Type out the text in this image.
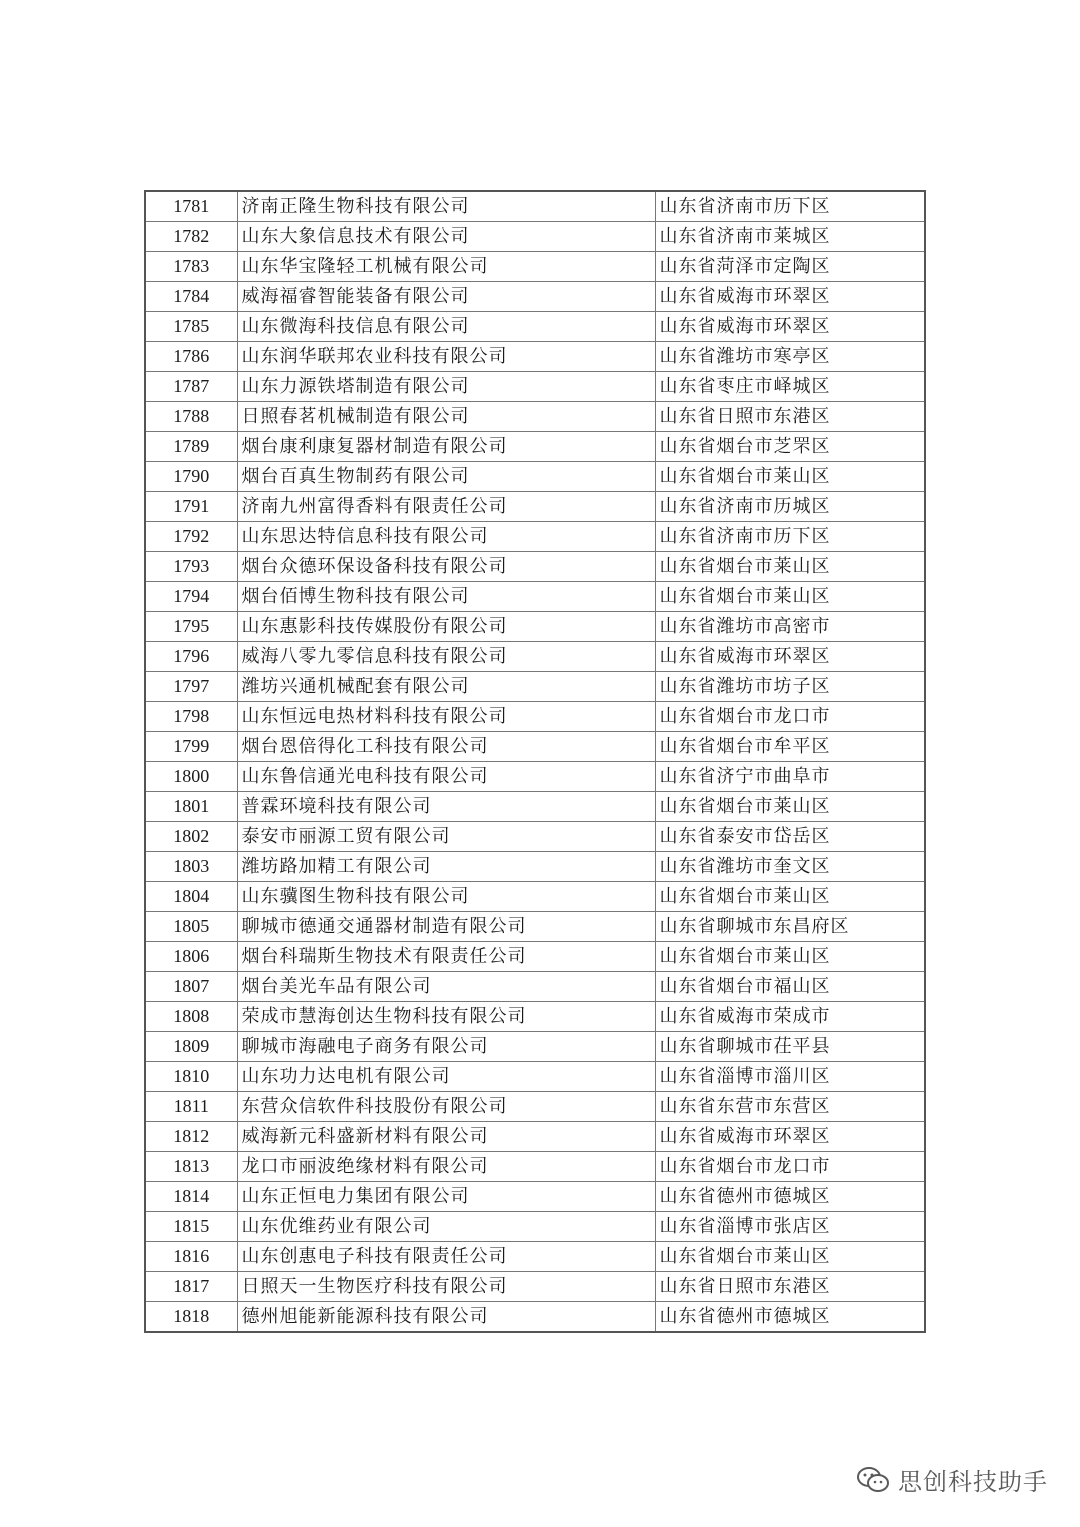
1781	济南正隆生物科技有限公司	山东省济南市历下区
1782	山东大象信息技术有限公司	山东省济南市莱城区
1783	山东华宝隆轻工机械有限公司	山东省菏泽市定陶区
1784	威海福睿智能装备有限公司	山东省威海市环翠区
1785	山东微海科技信息有限公司	山东省威海市环翠区
1786	山东润华联邦农业科技有限公司	山东省潍坊市寒亭区
1787	山东力源铁塔制造有限公司	山东省枣庄市峄城区
1788	日照春茗机械制造有限公司	山东省日照市东港区
1789	烟台康利康复器材制造有限公司	山东省烟台市芝罘区
1790	烟台百真生物制药有限公司	山东省烟台市莱山区
1791	济南九州富得香料有限责任公司	山东省济南市历城区
1792	山东思达特信息科技有限公司	山东省济南市历下区
1793	烟台众德环保设备科技有限公司	山东省烟台市莱山区
1794	烟台佰博生物科技有限公司	山东省烟台市莱山区
1795	山东惠影科技传媒股份有限公司	山东省潍坊市高密市
1796	威海八零九零信息科技有限公司	山东省威海市环翠区
1797	潍坊兴通机械配套有限公司	山东省潍坊市坊子区
1798	山东恒远电热材料科技有限公司	山东省烟台市龙口市
1799	烟台恩倍得化工科技有限公司	山东省烟台市牟平区
1800	山东鲁信通光电科技有限公司	山东省济宁市曲阜市
1801	普霖环境科技有限公司	山东省烟台市莱山区
1802	泰安市丽源工贸有限公司	山东省泰安市岱岳区
1803	潍坊路加精工有限公司	山东省潍坊市奎文区
1804	山东骥图生物科技有限公司	山东省烟台市莱山区
1805	聊城市德通交通器材制造有限公司	山东省聊城市东昌府区
1806	烟台科瑞斯生物技术有限责任公司	山东省烟台市莱山区
1807	烟台美光车品有限公司	山东省烟台市福山区
1808	荣成市慧海创达生物科技有限公司	山东省威海市荣成市
1809	聊城市海融电子商务有限公司	山东省聊城市茌平县
1810	山东功力达电机有限公司	山东省淄博市淄川区
1811	东营众信软件科技股份有限公司	山东省东营市东营区
1812	威海新元科盛新材料有限公司	山东省威海市环翠区
1813	龙口市丽波绝缘材料有限公司	山东省烟台市龙口市
1814	山东正恒电力集团有限公司	山东省德州市德城区
1815	山东优维药业有限公司	山东省淄博市张店区
1816	山东创惠电子科技有限责任公司	山东省烟台市莱山区
1817	日照天一生物医疗科技有限公司	山东省日照市东港区
1818	德州旭能新能源科技有限公司	山东省德州市德城区
思创科技助手
